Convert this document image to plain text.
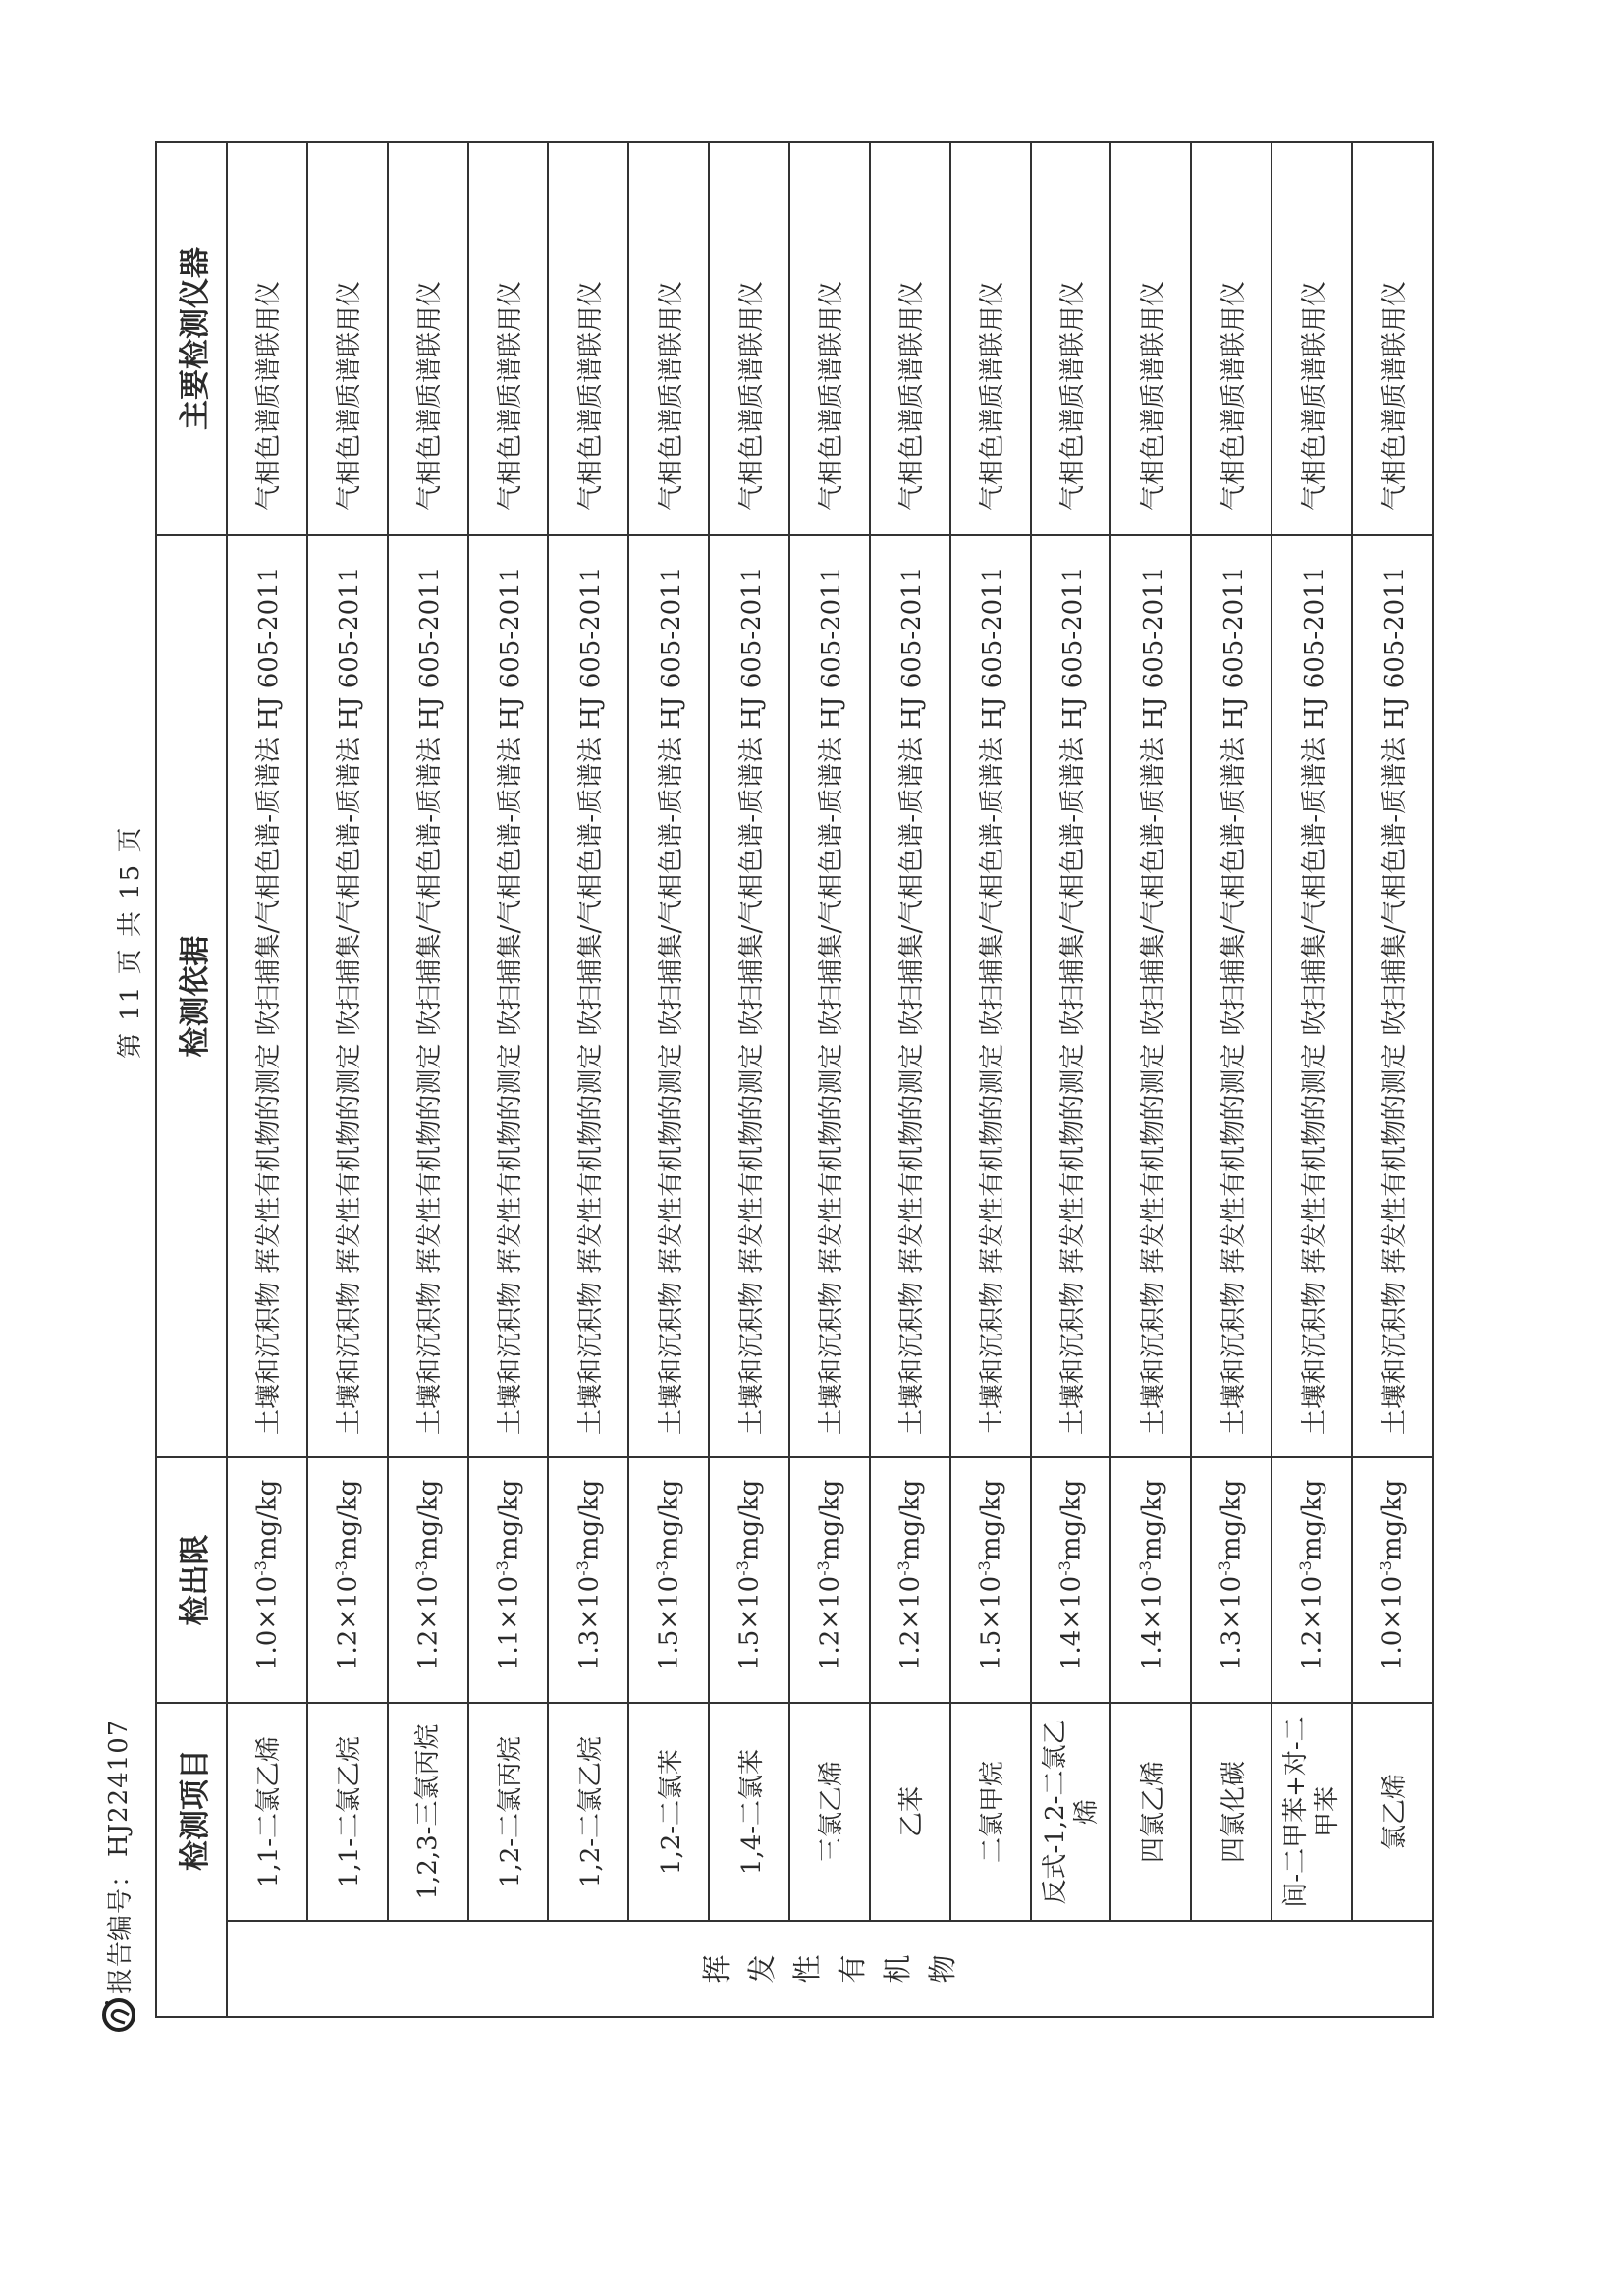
报告编号：
HJ224107
第 11 页 共 15 页
检测项目		检出限	检测依据	主要检测仪器
挥发性有机物	1,1-二氯乙烯	$1.0\times 10^{-3}mg/kg$	土壤和沉积物 挥发性有机物的测定 吹扫捕集/气相色谱-质谱法 HJ 605-2011	气相色谱质谱联用仪
	1,1-二氯乙烷	$1.2\times 10^{-3}mg/kg$	土壤和沉积物 挥发性有机物的测定 吹扫捕集/气相色谱-质谱法 HJ 605-2011	气相色谱质谱联用仪
	1,2,3-三氯丙烷	$1.2\times 10^{-3}mg/kg$	土壤和沉积物 挥发性有机物的测定 吹扫捕集/气相色谱-质谱法 HJ 605-2011	气相色谱质谱联用仪
	1,2-二氯丙烷	$1.1\times 10^{-3}mg/kg$	土壤和沉积物 挥发性有机物的测定 吹扫捕集/气相色谱-质谱法 HJ 605-2011	气相色谱质谱联用仪
	1,2-二氯乙烷	$1.3\times 10^{-3}mg/kg$	土壤和沉积物 挥发性有机物的测定 吹扫捕集/气相色谱-质谱法 HJ 605-2011	气相色谱质谱联用仪
	1,2-二氯苯	$1.5\times 10^{-3}mg/kg$	土壤和沉积物 挥发性有机物的测定 吹扫捕集/气相色谱-质谱法 HJ 605-2011	气相色谱质谱联用仪
	1,4-二氯苯	$1.5\times 10^{-3}mg/kg$	土壤和沉积物 挥发性有机物的测定 吹扫捕集/气相色谱-质谱法 HJ 605-2011	气相色谱质谱联用仪
	三氯乙烯	$1.2\times 10^{-3}mg/kg$	土壤和沉积物 挥发性有机物的测定 吹扫捕集/气相色谱-质谱法 HJ 605-2011	气相色谱质谱联用仪
	乙苯	$1.2\times 10^{-3}mg/kg$	土壤和沉积物 挥发性有机物的测定 吹扫捕集/气相色谱-质谱法 HJ 605-2011	气相色谱质谱联用仪
	二氯甲烷	$1.5\times 10^{-3}mg/kg$	土壤和沉积物 挥发性有机物的测定 吹扫捕集/气相色谱-质谱法 HJ 605-2011	气相色谱质谱联用仪
	反式-1,2-二氯乙烯	$1.4\times 10^{-3}mg/kg$	土壤和沉积物 挥发性有机物的测定 吹扫捕集/气相色谱-质谱法 HJ 605-2011	气相色谱质谱联用仪
	四氯乙烯	$1.4\times 10^{-3}mg/kg$	土壤和沉积物 挥发性有机物的测定 吹扫捕集/气相色谱-质谱法 HJ 605-2011	气相色谱质谱联用仪
	四氯化碳	$1.3\times 10^{-3}mg/kg$	土壤和沉积物 挥发性有机物的测定 吹扫捕集/气相色谱-质谱法 HJ 605-2011	气相色谱质谱联用仪
	间-二甲苯+对-二甲苯	$1.2\times 10^{-3}mg/kg$	土壤和沉积物 挥发性有机物的测定 吹扫捕集/气相色谱-质谱法 HJ 605-2011	气相色谱质谱联用仪
	氯乙烯	$1.0\times 10^{-3}mg/kg$	土壤和沉积物 挥发性有机物的测定 吹扫捕集/气相色谱-质谱法 HJ 605-2011	气相色谱质谱联用仪
